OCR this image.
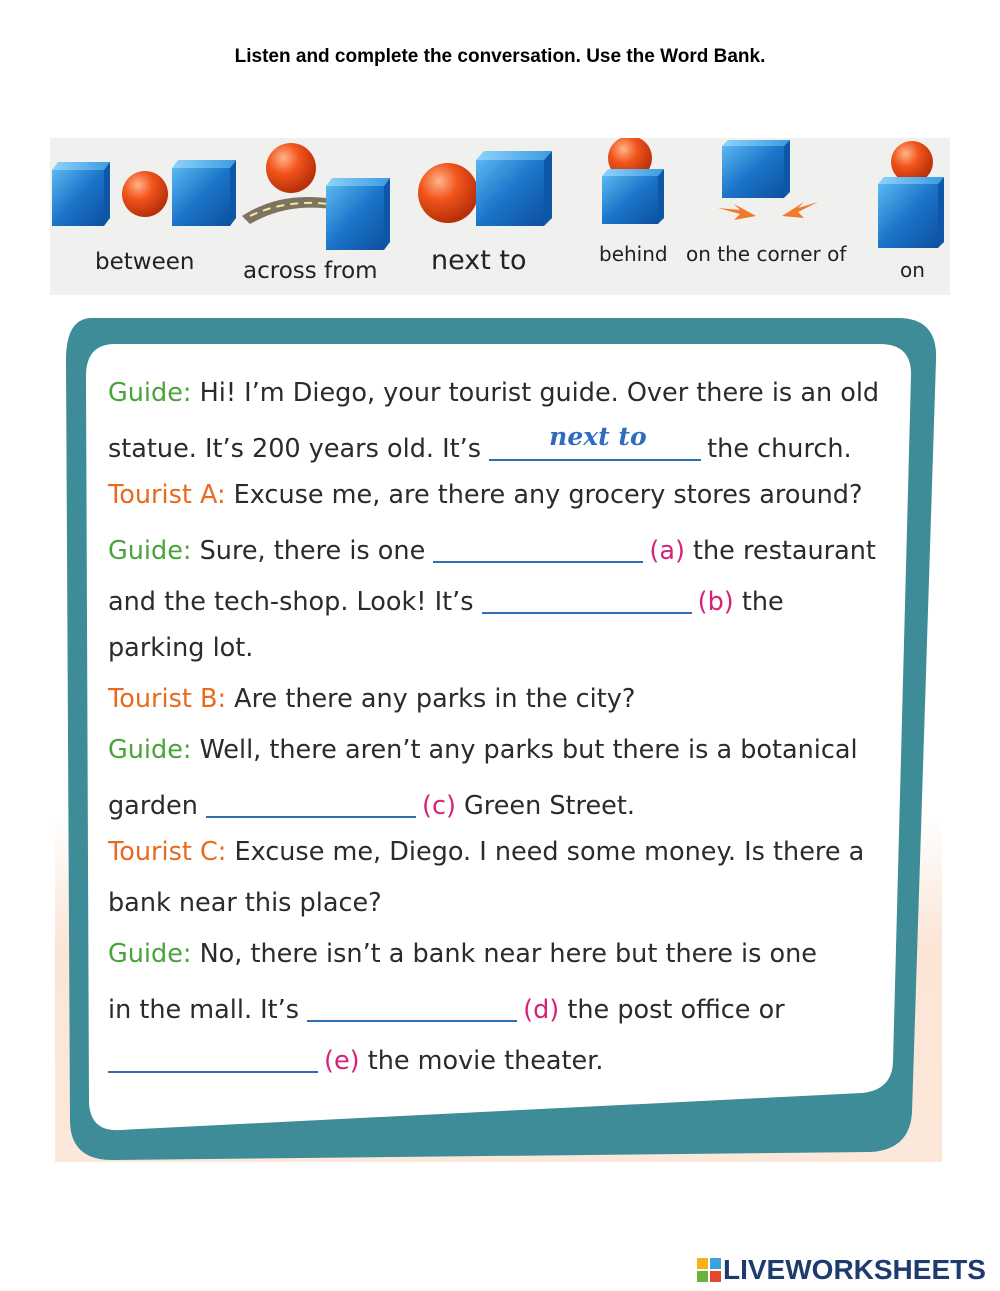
Listen and complete the conversation. Use the Word Bank.
between across from next to	behind on the corner of
on
Guide: Hi! I’m Diego, your tourist guide. Over there is an old
statue. It’s 200 years old. It’s next to the church.
Tourist A: Excuse me, are there any grocery stores around?
Guide: Sure, there is one	(a) the restaurant
and the tech-shop. Look! It’s	(b) the
parking lot.
Tourist B: Are there any parks in the city?
Guide: Well, there aren’t any parks but there is a botanical
garden	(c) Green Street.
Tourist C: Excuse me, Diego. I need some money. Is there a
bank near this place?
Guide: No, there isn’t a bank near here but there is one
in the mall. It’s	(d) the post office or
(e) the movie theater.
LIVEWORKSHEETS
